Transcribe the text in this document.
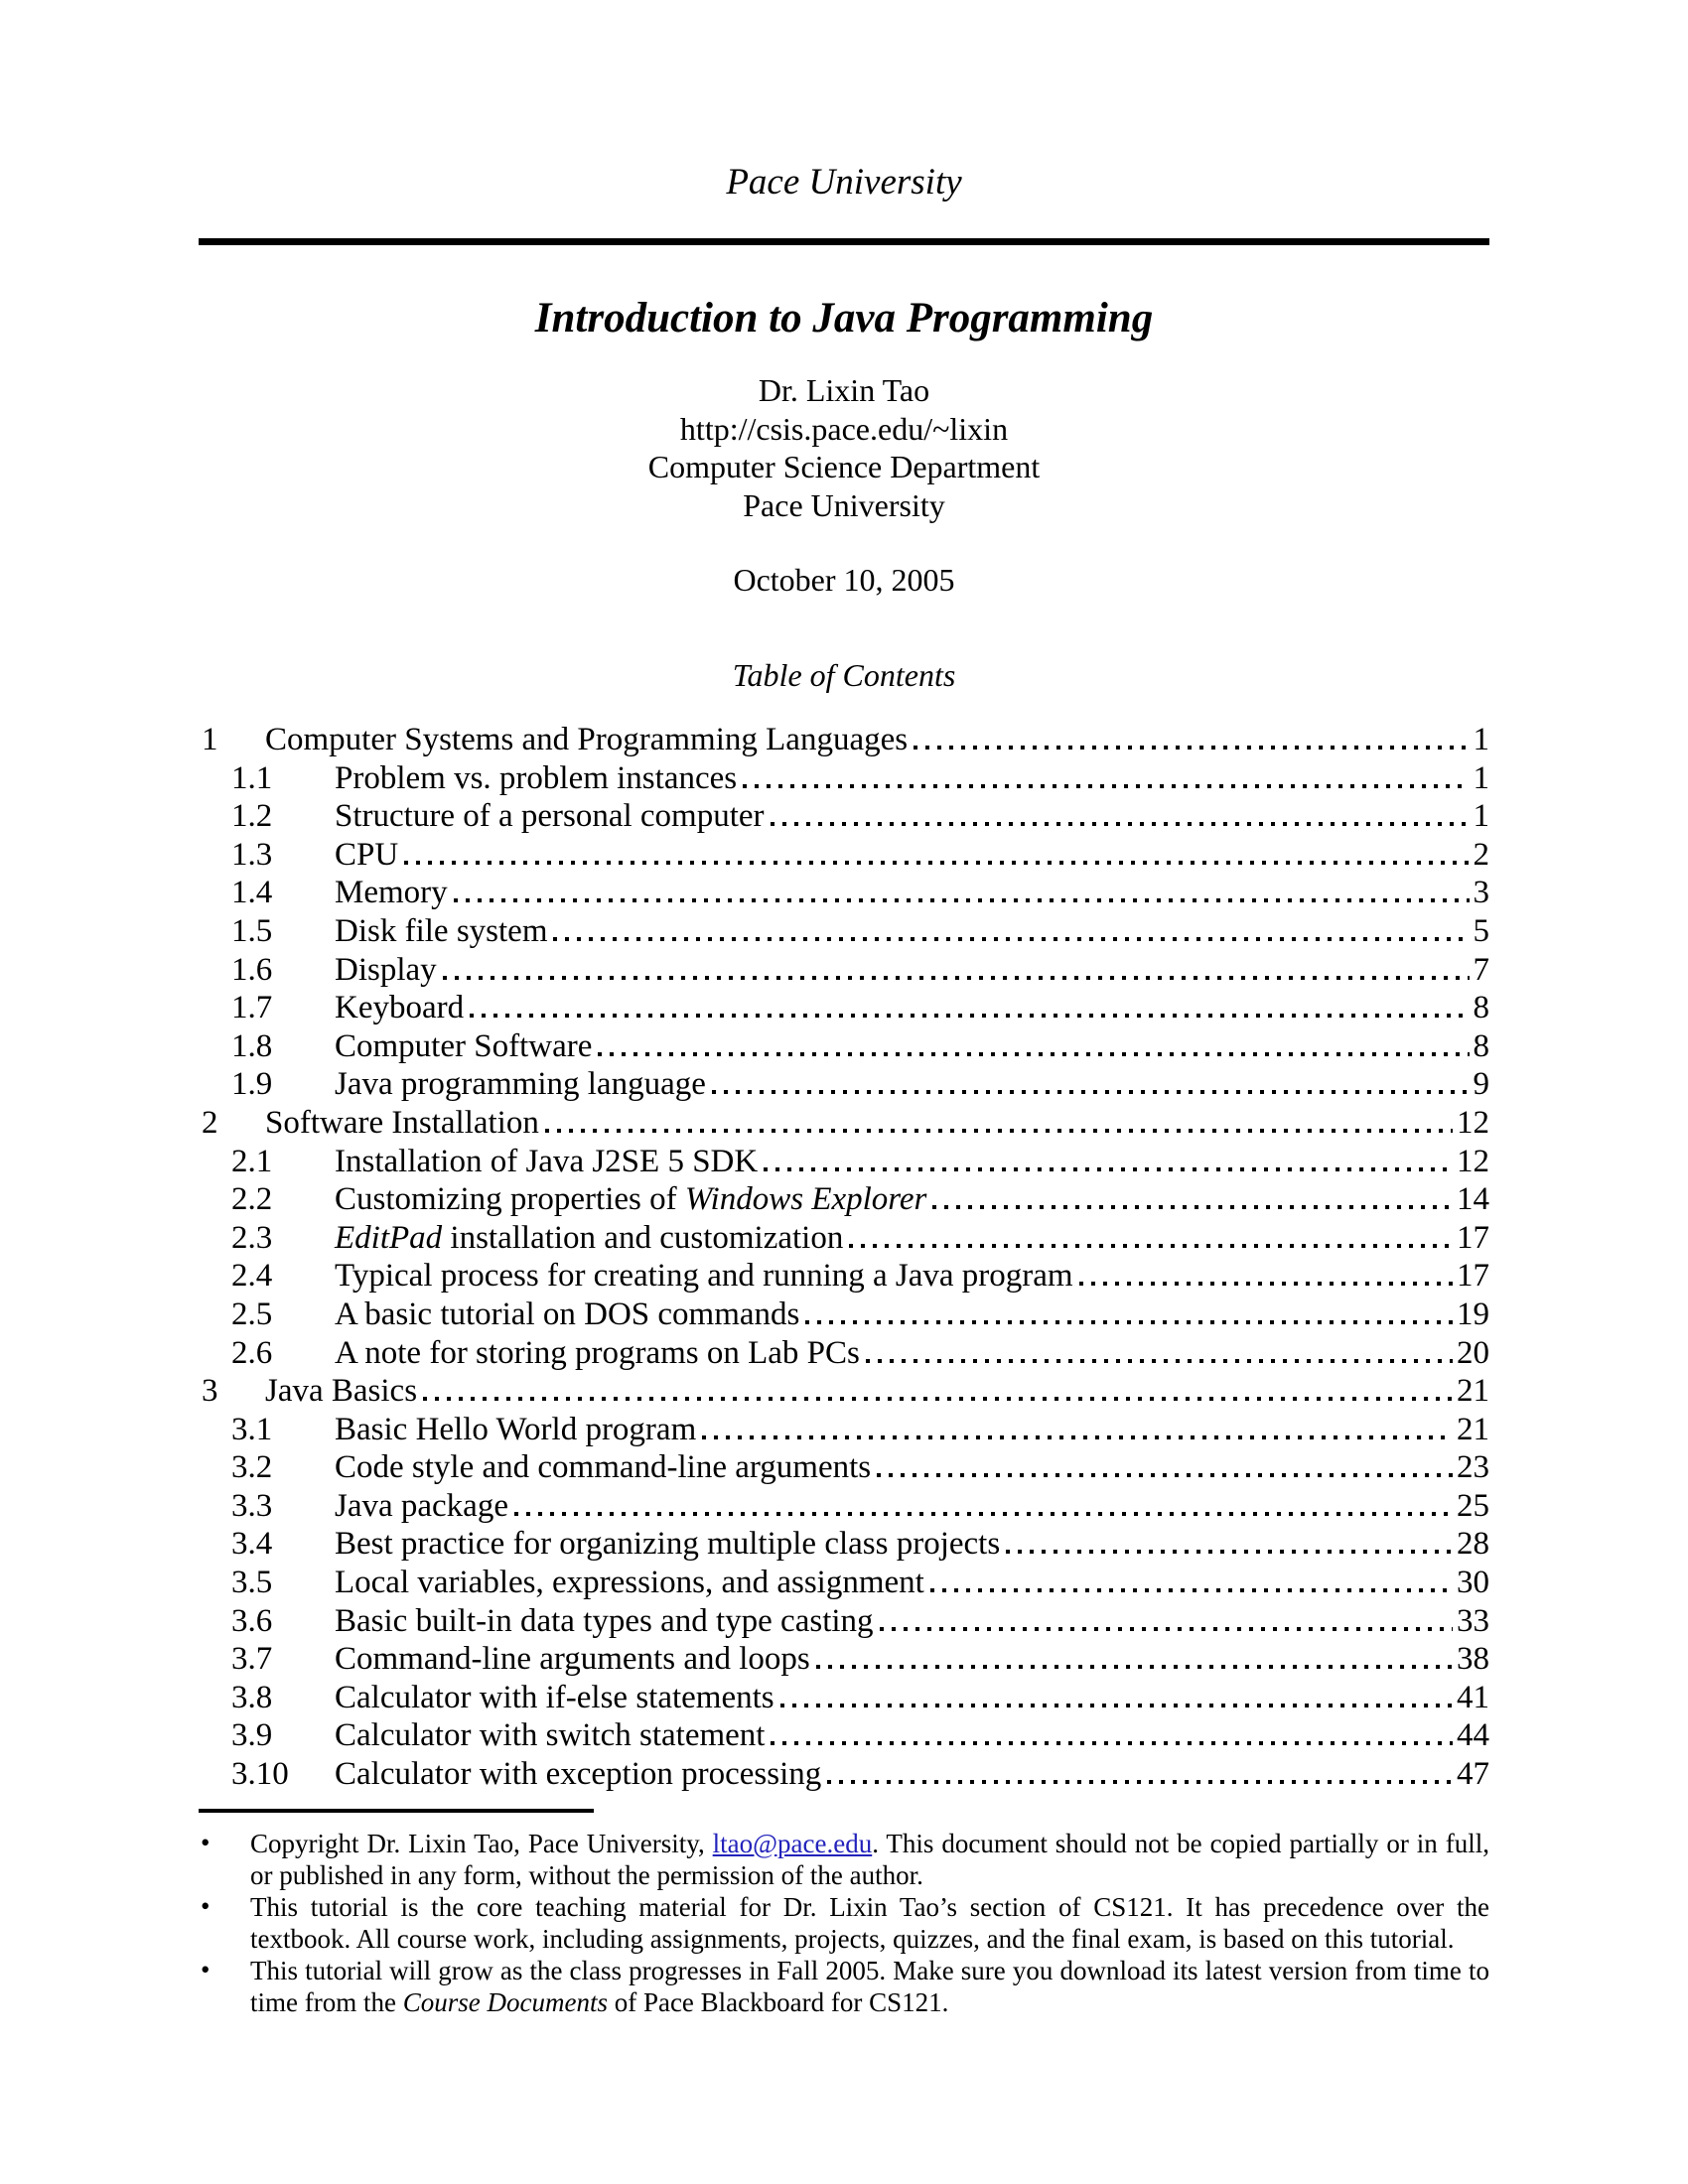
Pace University
Introduction to Java Programming
Dr. Lixin Tao
http://csis.pace.edu/~lixin
Computer Science Department
Pace University
October 10, 2005
Table of Contents
1	Computer Systems and Programming Languages	1
1.1	Problem vs. problem instances	1
1.2	Structure of a personal computer	1
1.3	CPU	2
1.4	Memory	3
1.5	Disk file system	5
1.6	Display	7
1.7	Keyboard	8
1.8	Computer Software	8
1.9	Java programming language	9
2	Software Installation	12
2.1	Installation of Java J2SE 5 SDK	12
2.2	Customizing properties of Windows Explorer	14
2.3	EditPad installation and customization	17
2.4	Typical process for creating and running a Java program	17
2.5	A basic tutorial on DOS commands	19
2.6	A note for storing programs on Lab PCs	20
3	Java Basics	21
3.1	Basic Hello World program	21
3.2	Code style and command-line arguments	23
3.3	Java package	25
3.4	Best practice for organizing multiple class projects	28
3.5	Local variables, expressions, and assignment	30
3.6	Basic built-in data types and type casting	33
3.7	Command-line arguments and loops	38
3.8	Calculator with if-else statements	41
3.9	Calculator with switch statement	44
3.10	Calculator with exception processing	47
• Copyright Dr. Lixin Tao, Pace University, ltao@pace.edu. This document should not be copied partially or in full, or published in any form, without the permission of the author.
• This tutorial is the core teaching material for Dr. Lixin Tao’s section of CS121. It has precedence over the textbook. All course work, including assignments, projects, quizzes, and the final exam, is based on this tutorial.
• This tutorial will grow as the class progresses in Fall 2005. Make sure you download its latest version from time to time from the Course Documents of Pace Blackboard for CS121.
